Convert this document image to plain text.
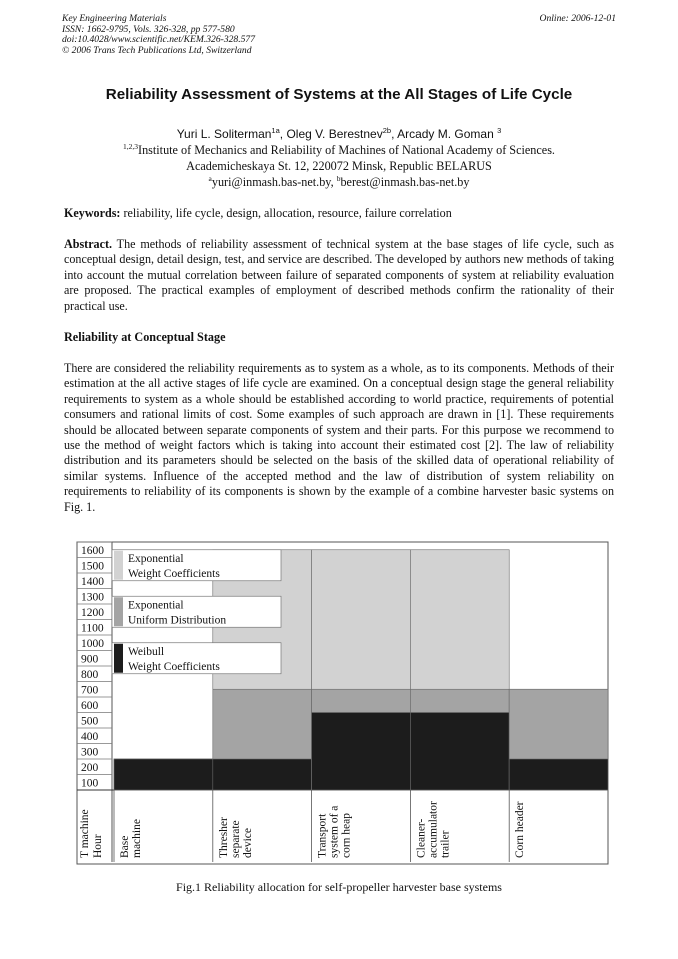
Key Engineering Materials
ISSN: 1662-9795, Vols. 326-328, pp 577-580
doi:10.4028/www.scientific.net/KEM.326-328.577
© 2006 Trans Tech Publications Ltd, Switzerland
Online: 2006-12-01
Reliability Assessment of Systems at the All Stages of Life Cycle
Yuri L. Soliterman$^{1a}$, Oleg V. Berestnev$^{2b}$, Arcady M. Goman $^3$
$^{1,2,3}$Institute of Mechanics and Reliability of Machines of National Academy of Sciences.
Academicheskaya St. 12, 220072 Minsk, Republic BELARUS
$^a$yuri@inmash.bas-net.by, $^b$berest@inmash.bas-net.by

Keywords: reliability, life cycle, design, allocation, resource, failure correlation

Abstract. The methods of reliability assessment of technical system at the base stages of life cycle, such as conceptual design, detail design, test, and service are described. The developed by authors new methods of taking into account the mutual correlation between failure of separated components of system at reliability evaluation are proposed. The practical examples of employment of described methods confirm the rationality of their practical use.

Reliability at Conceptual Stage

There are considered the reliability requirements as to system as a whole, as to its components. Methods of their estimation at the all active stages of life cycle are examined. On a conceptual design stage the general reliability requirements to system as a whole should be established according to world practice, requirements of potential consumers and rational limits of cost. Some examples of such approach are drawn in [1]. These requirements should be allocated between separate components of system and their parts. For this purpose we recommend to use the method of weight factors which is taking into account their estimated cost [2]. The law of reliability distribution and its parameters should be selected on the basis of the skilled data of operational reliability of similar systems. Influence of the accepted method and the law of distribution of system reliability on requirements to reliability of its components is shown by the example of a combine harvester basic systems on Fig. 1.

1600
1500
1400
1300
1200
1100
1000
900
800
700
600
500
400
300
200
100
Exponential
Weight Coefficients
Exponential
Uniform Distribution
Weibull
Weight Coefficients
Base machine	Thresher separate device	Transport system of a corn heap	Cleaner- accumulator trailer	Corn header
T machine Hour
Fig.1 Reliability allocation for self-propeller harvester base systems
